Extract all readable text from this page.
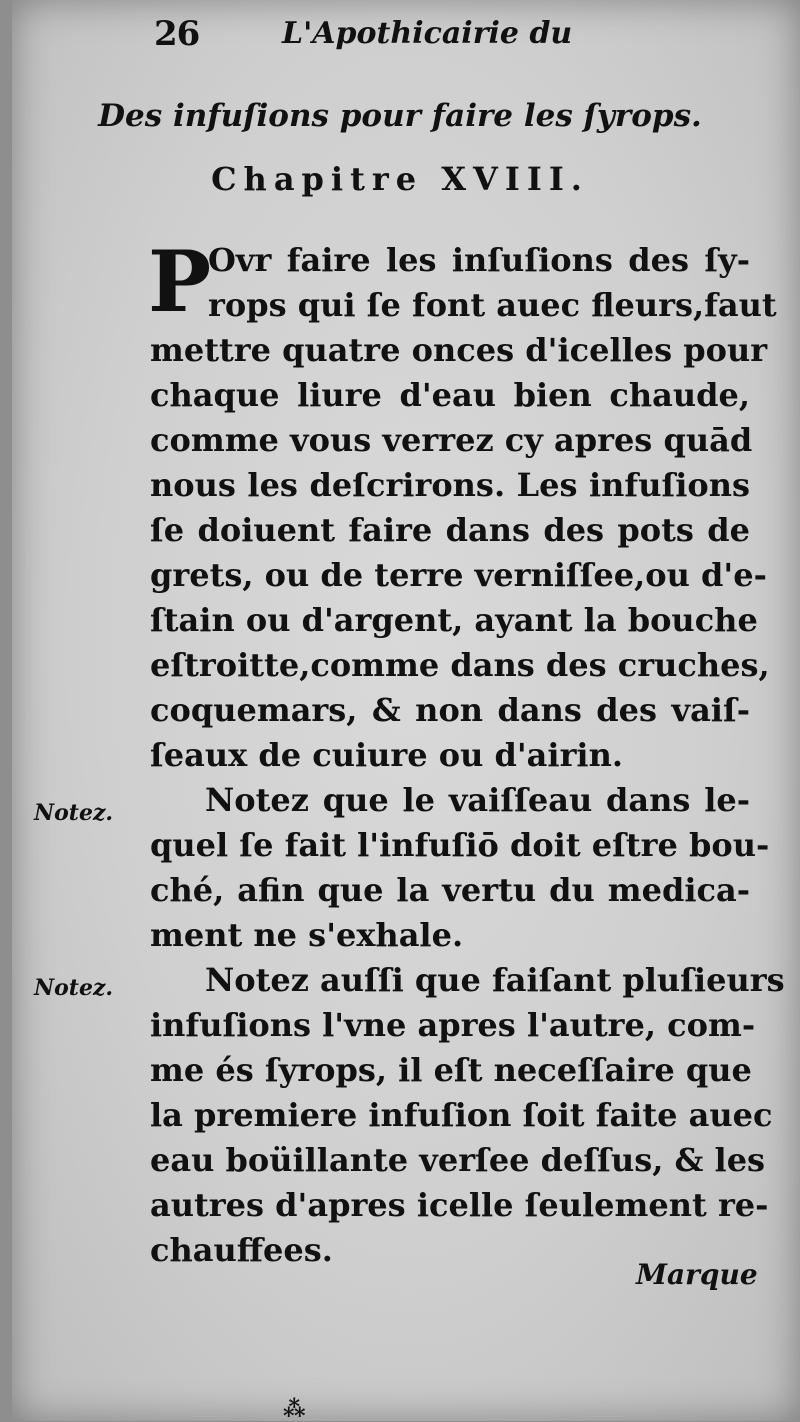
26	L'Apothicairie du
Des infuſions pour faire les ſyrops.
Chapitre XVIII.
P
Ovr faire les inſuſions des ſy-
rops qui ſe font auec fleurs,faut
mettre quatre onces d'icelles pour
chaque liure d'eau bien chaude,
comme vous verrez cy apres quād
nous les deſcrirons. Les infuſions
ſe doiuent faire dans des pots de
grets, ou de terre verniſſee,ou d'e-
ſtain ou d'argent, ayant la bouche
eſtroitte,comme dans des cruches,
coquemars, & non dans des vaiſ-
ſeaux de cuiure ou d'airin.
Notez que le vaiſſeau dans le-
quel ſe fait l'infuſiō doit eſtre bou-
ché, afin que la vertu du medica-
ment ne s'exhale.
Notez auſſi que faiſant pluſieurs
infuſions l'vne apres l'autre, com-
me és ſyrops, il eſt neceſſaire que
la premiere infuſion ſoit faite auec
eau boüillante verſee deſſus, & les
autres d'apres icelle ſeulement re-
chauffees.
Notez.
Notez.
Marque
⁂
